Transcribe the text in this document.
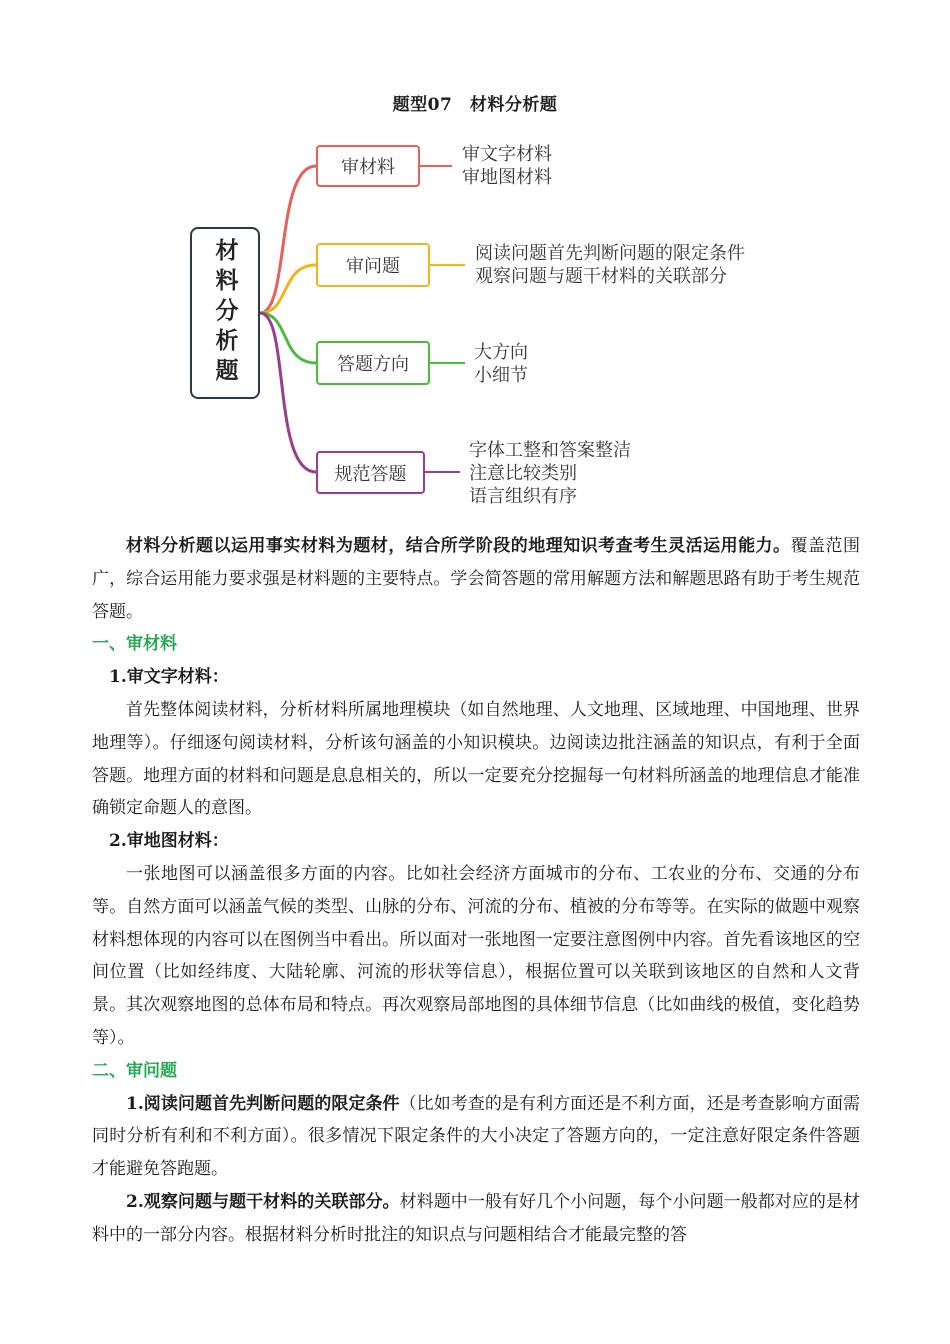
题型07　材料分析题
材料分析题
审材料
审问题
答题方向
规范答题
审文字材料
审地图材料
阅读问题首先判断问题的限定条件
观察问题与题干材料的关联部分
大方向
小细节
字体工整和答案整洁
注意比较类别
语言组织有序

材料分析题以运用事实材料为题材，结合所学阶段的地理知识考查考生灵活运用能力。覆盖范围广，综合运用能力要求强是材料题的主要特点。学会简答题的常用解题方法和解题思路有助于考生规范答题。

一、审材料

1.审文字材料：

首先整体阅读材料，分析材料所属地理模块（如自然地理、人文地理、区域地理、中国地理、世界地理等）。仔细逐句阅读材料，分析该句涵盖的小知识模块。边阅读边批注涵盖的知识点，有利于全面答题。地理方面的材料和问题是息息相关的，所以一定要充分挖掘每一句材料所涵盖的地理信息才能准确锁定命题人的意图。

2.审地图材料：

一张地图可以涵盖很多方面的内容。比如社会经济方面城市的分布、工农业的分布、交通的分布等。自然方面可以涵盖气候的类型、山脉的分布、河流的分布、植被的分布等等。在实际的做题中观察材料想体现的内容可以在图例当中看出。所以面对一张地图一定要注意图例中内容。首先看该地区的空间位置（比如经纬度、大陆轮廓、河流的形状等信息），根据位置可以关联到该地区的自然和人文背景。其次观察地图的总体布局和特点。再次观察局部地图的具体细节信息（比如曲线的极值，变化趋势等）。

二、审问题

1.阅读问题首先判断问题的限定条件（比如考查的是有利方面还是不利方面，还是考查影响方面需同时分析有利和不利方面）。很多情况下限定条件的大小决定了答题方向的，一定注意好限定条件答题才能避免答跑题。

2.观察问题与题干材料的关联部分。材料题中一般有好几个小问题，每个小问题一般都对应的是材料中的一部分内容。根据材料分析时批注的知识点与问题相结合才能最完整的答
